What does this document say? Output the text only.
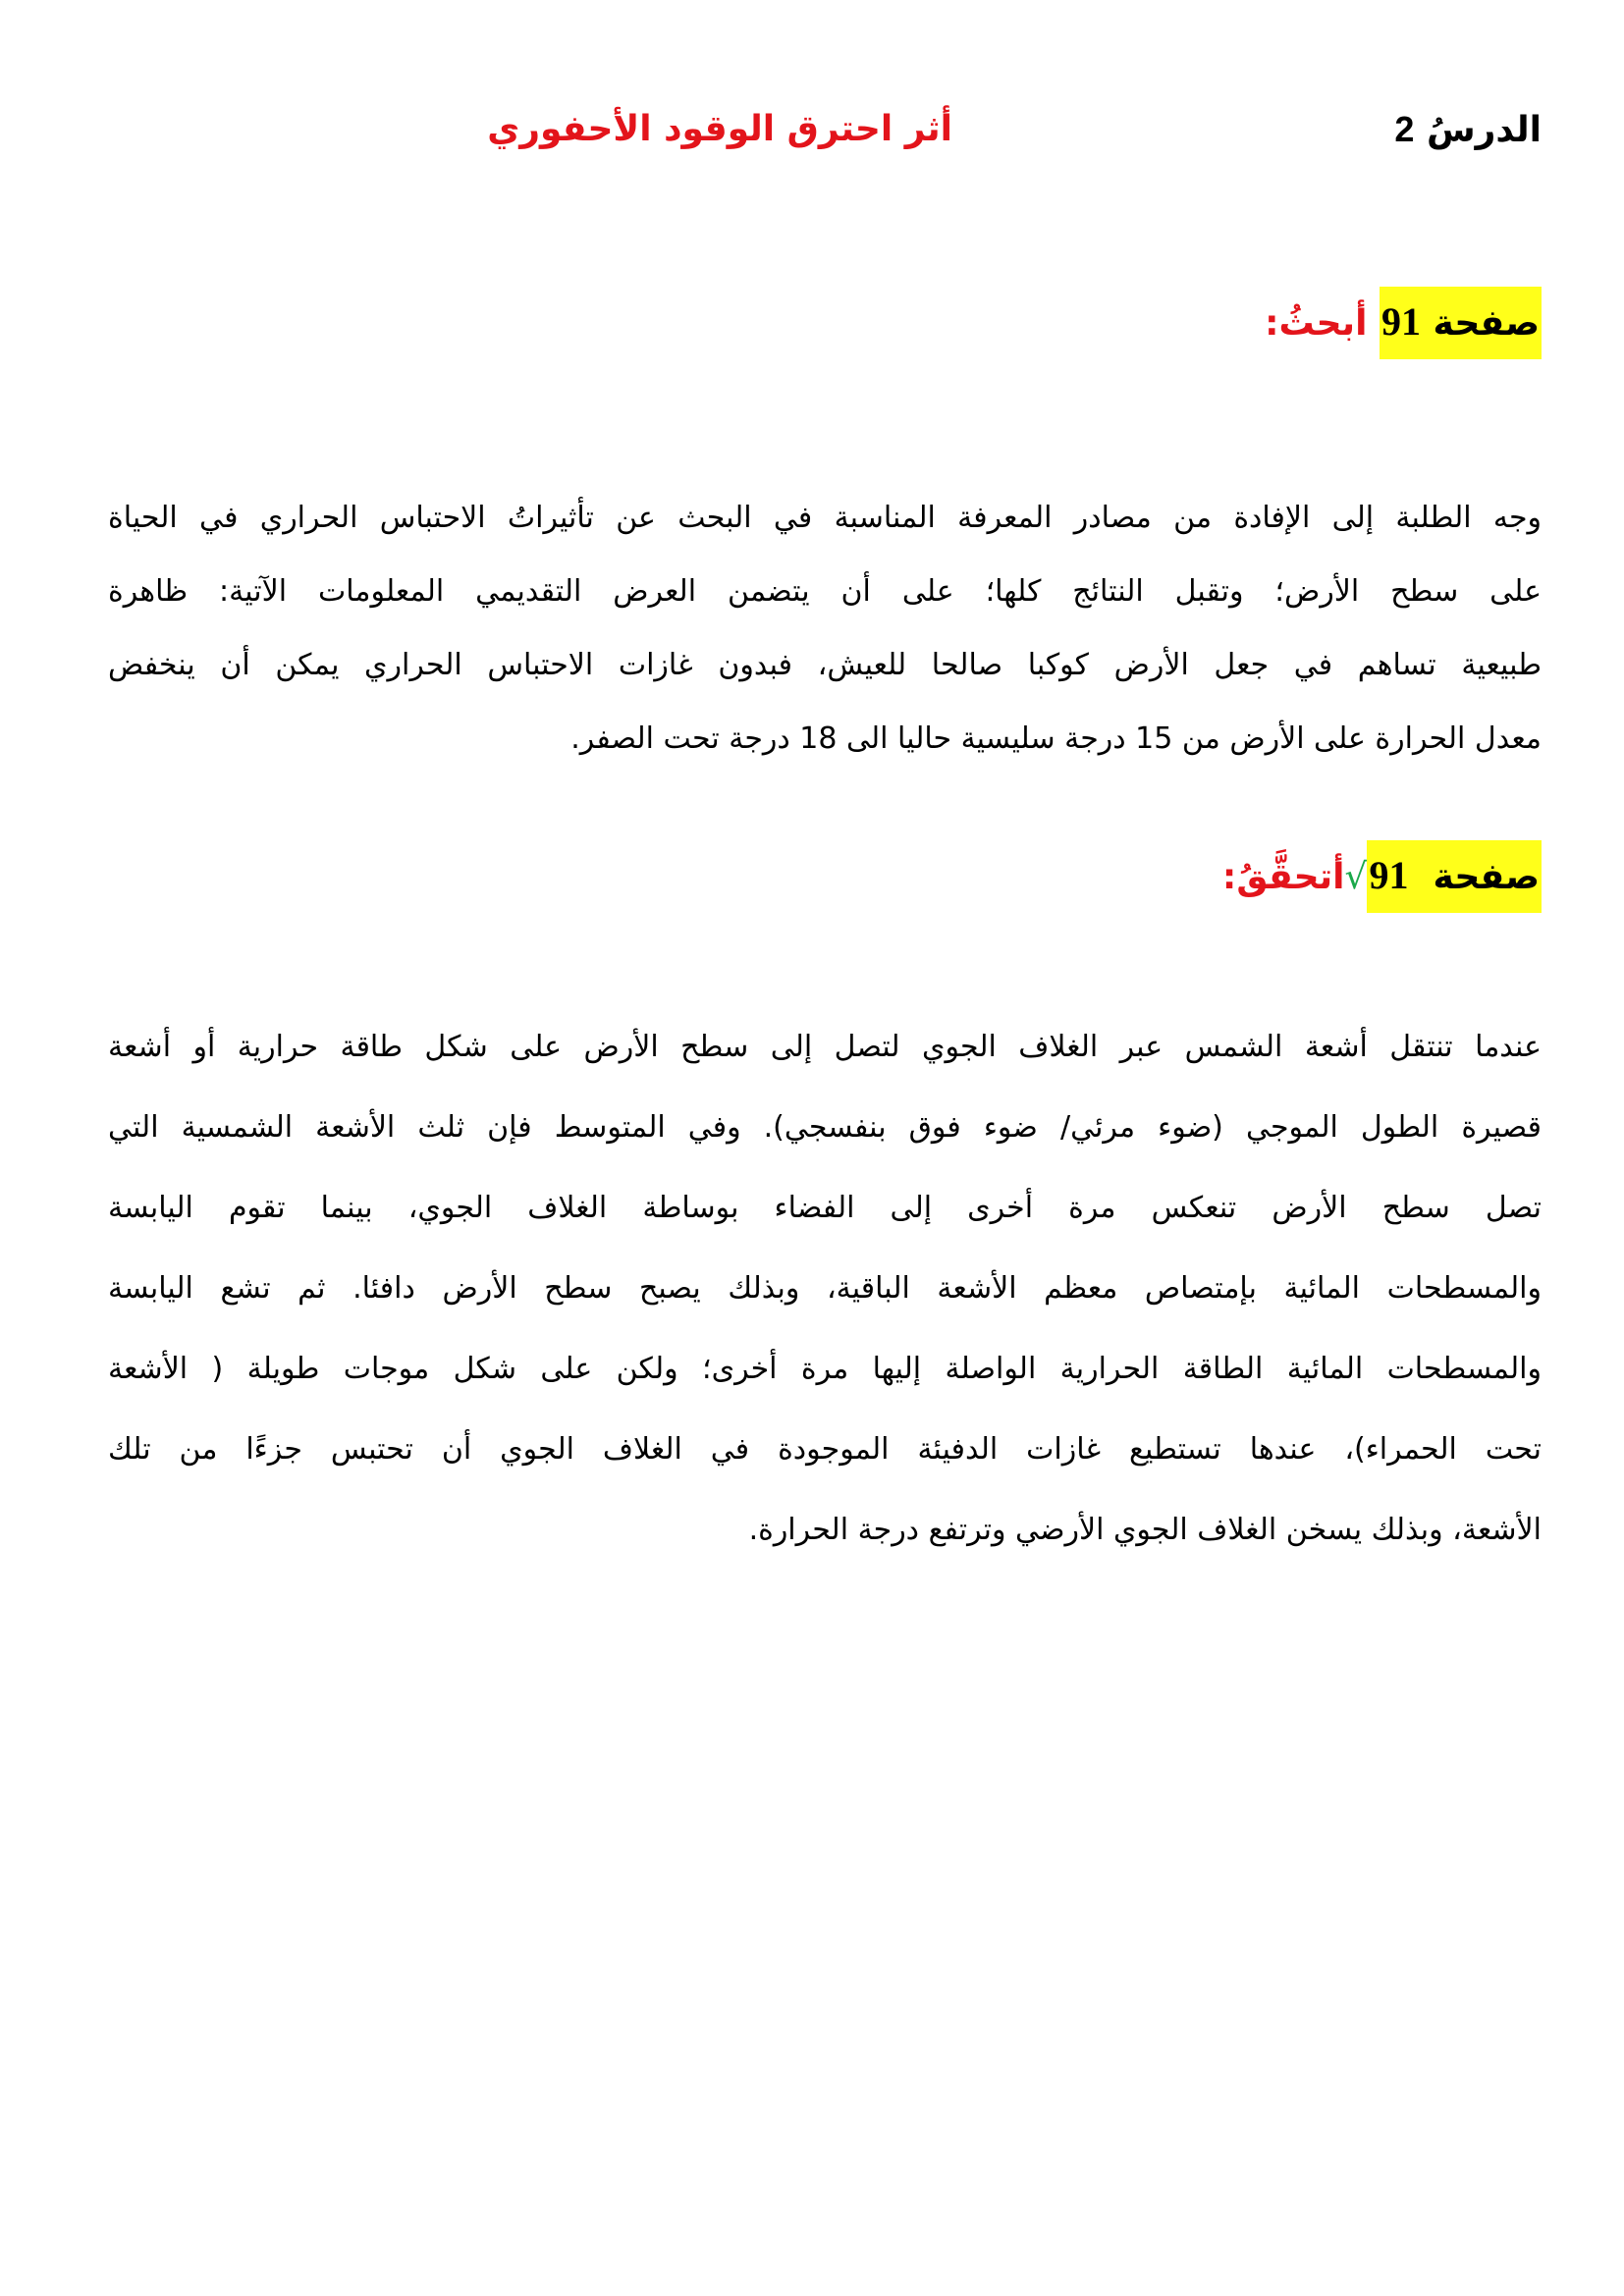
الدرسُ 2
أثر احترق الوقود الأحفوري
صفحة 91 أبحثُ:
وجه الطلبة إلى الإفادة من مصادر المعرفة المناسبة في البحث عن تأثيراتُ الاحتباس الحراري في الحياة
على سطح الأرض؛ وتقبل النتائج كلها؛ على أن يتضمن العرض التقديمي المعلومات الآتية: ظاهرة
طبيعية تساهم في جعل الأرض كوكبا صالحا للعيش، فبدون غازات الاحتباس الحراري يمكن أن ينخفض
معدل الحرارة على الأرض من 15 درجة سليسية حاليا الى 18 درجة تحت الصفر.
صفحة  91√أتحقَّقُ:
عندما تنتقل أشعة الشمس عبر الغلاف الجوي لتصل إلى سطح الأرض على شكل طاقة حرارية أو أشعة
قصيرة الطول الموجي (ضوء مرئي/ ضوء فوق بنفسجي). وفي المتوسط فإن ثلث الأشعة الشمسية التي
تصل سطح الأرض تنعكس مرة أخرى إلى الفضاء بوساطة الغلاف الجوي، بينما تقوم اليابسة
والمسطحات المائية بإمتصاص معظم الأشعة الباقية، وبذلك يصبح سطح الأرض دافئا. ثم تشع اليابسة
والمسطحات المائية الطاقة الحرارية الواصلة إليها مرة أخرى؛ ولكن على شكل موجات طويلة ( الأشعة
تحت الحمراء)، عندها تستطيع غازات الدفيئة الموجودة في الغلاف الجوي أن تحتبس جزءًا من تلك
الأشعة، وبذلك يسخن الغلاف الجوي الأرضي وترتفع درجة الحرارة.
